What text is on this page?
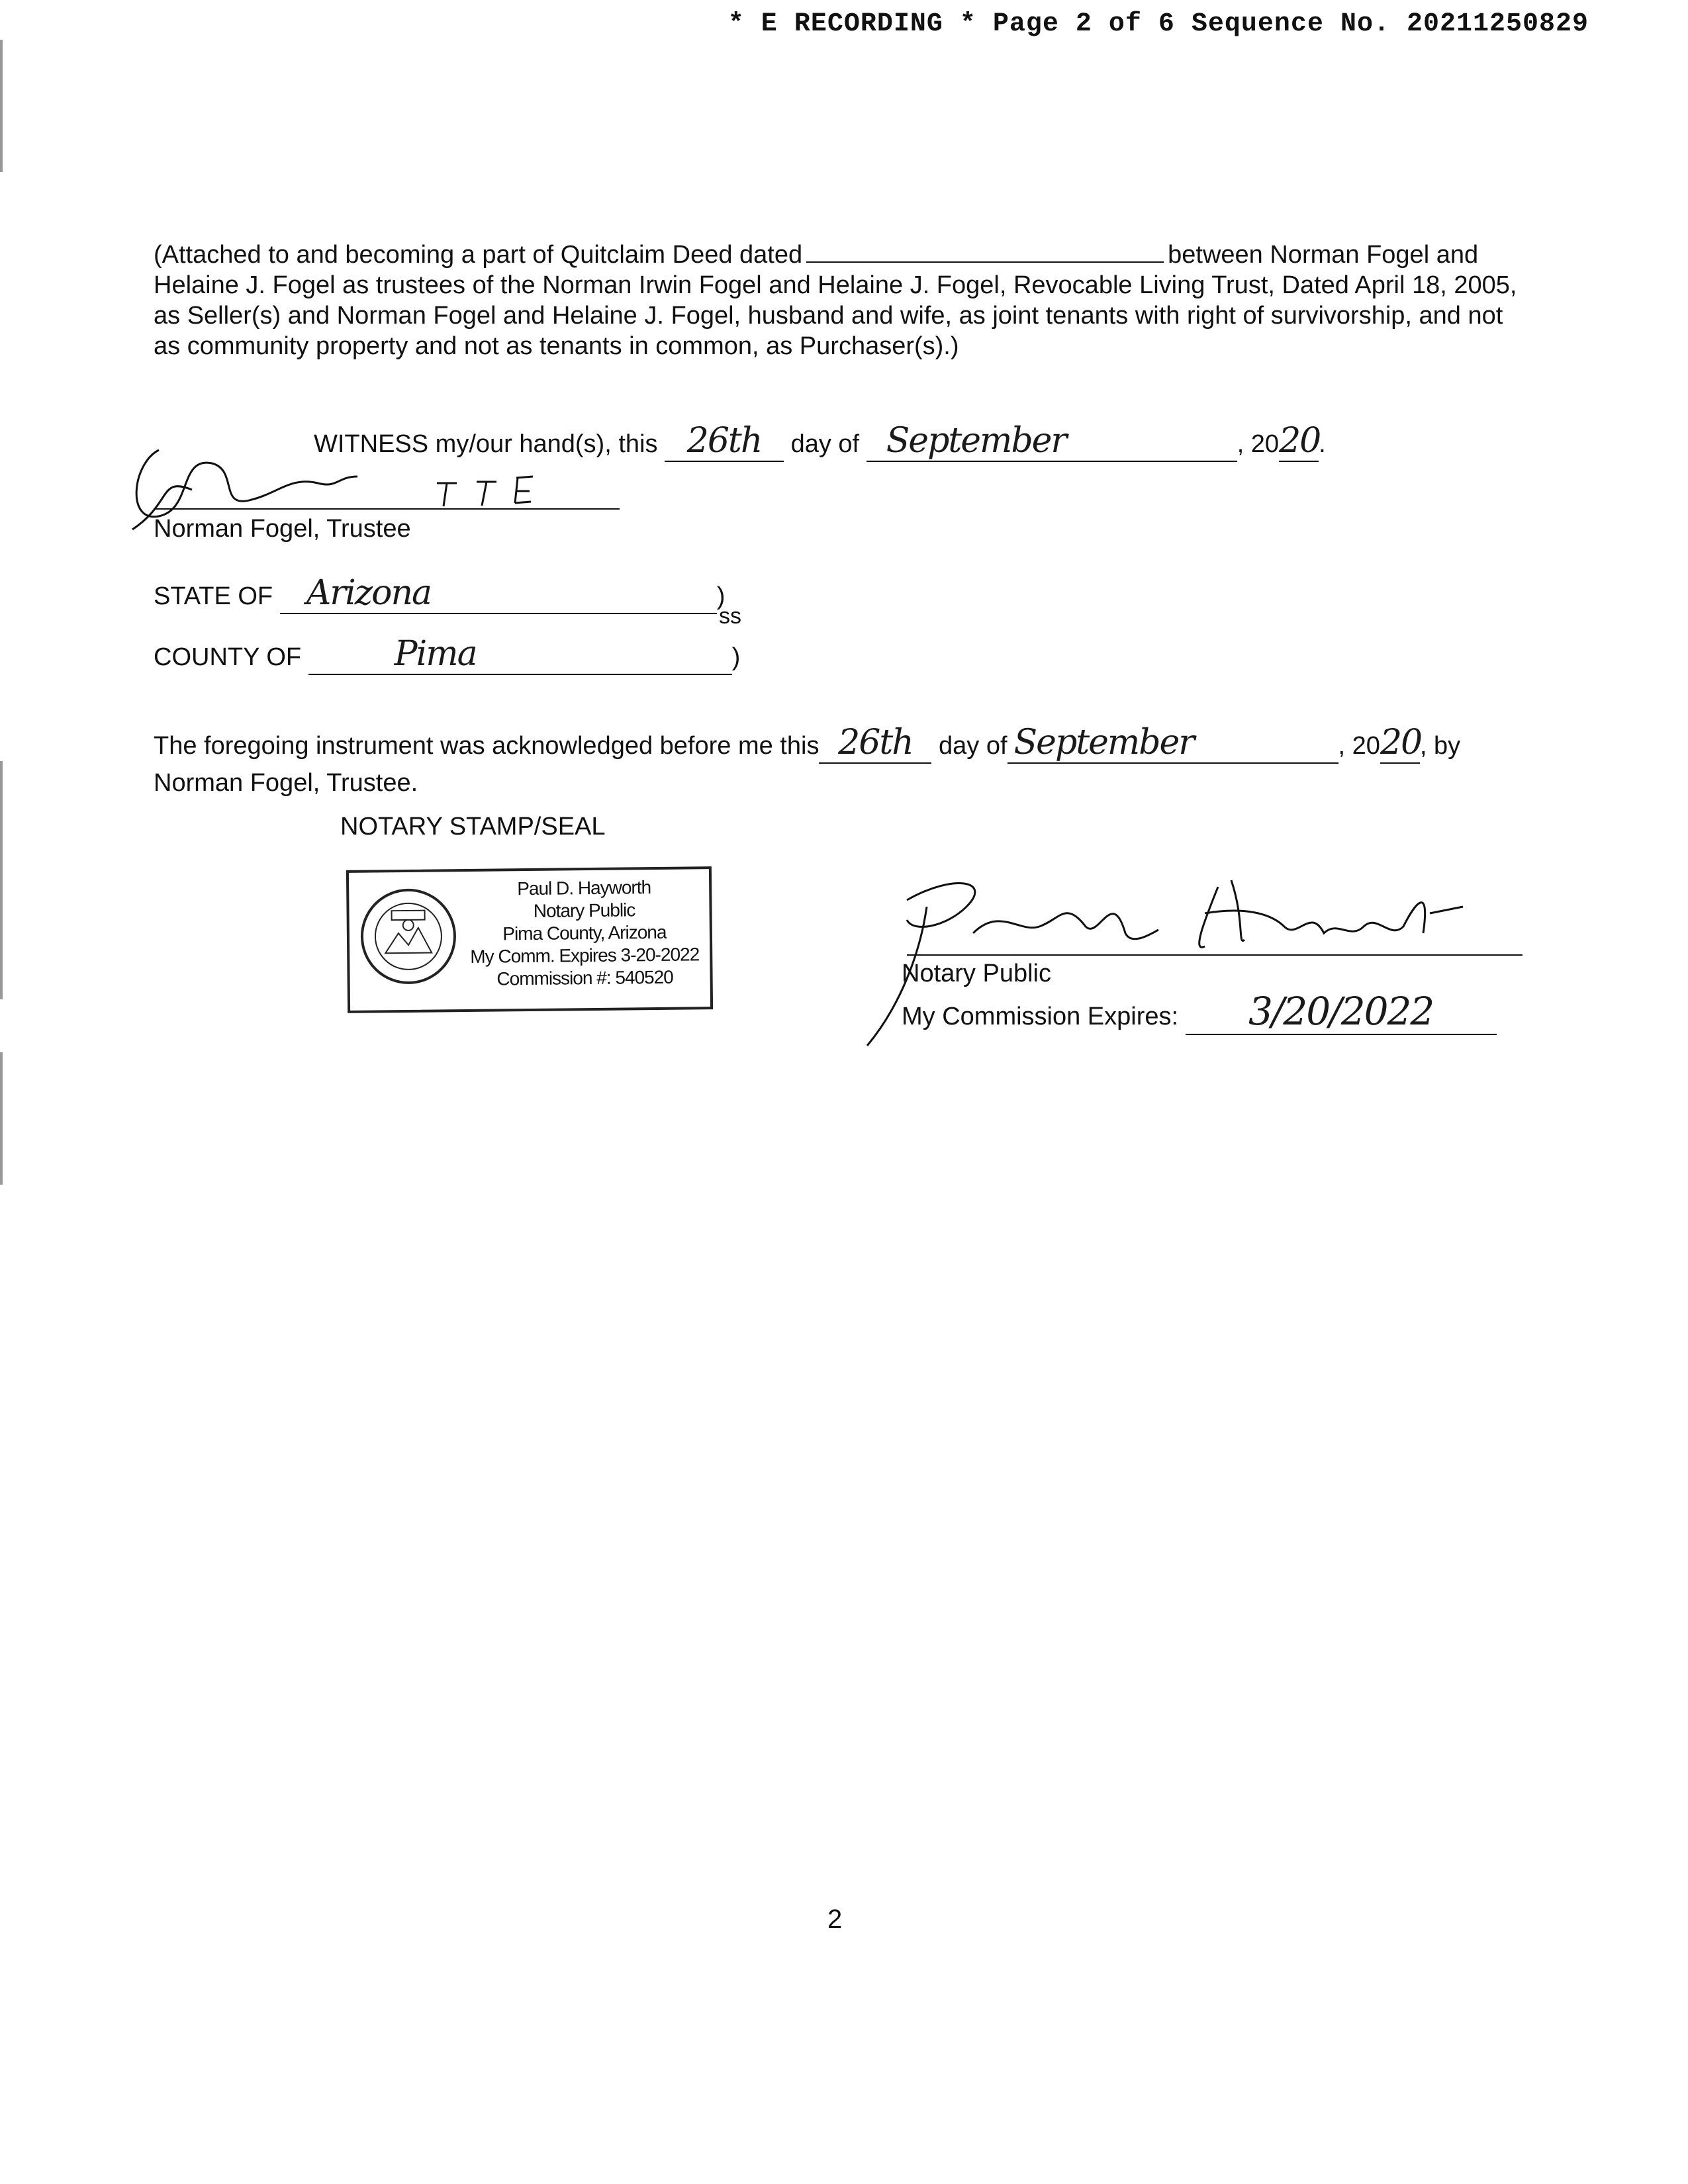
* E RECORDING * Page 2 of 6 Sequence No. 20211250829
(Attached to and becoming a part of Quitclaim Deed dated	between Norman Fogel and Helaine J. Fogel as trustees of the Norman Irwin Fogel and Helaine J. Fogel, Revocable Living Trust, Dated April 18, 2005, as Seller(s) and Norman Fogel and Helaine J. Fogel, husband and wife, as joint tenants with right of survivorship, and not as community property and not as tenants in common, as Purchaser(s).)
WITNESS my/our hand(s), this 26th day of September	, 2020.
Norman Fogel, Trustee
STATE OF Arizona	)
ss
COUNTY OF	Pima	)
The foregoing instrument was acknowledged before me this 26th day of September	, 2020, by
Norman Fogel, Trustee.
NOTARY STAMP/SEAL
Paul D. Hayworth
Notary Public
Pima County, Arizona
My Comm. Expires 3-20-2022
Commission #: 540520	Notary Public
My Commission Expires: 3/20/2022
2
